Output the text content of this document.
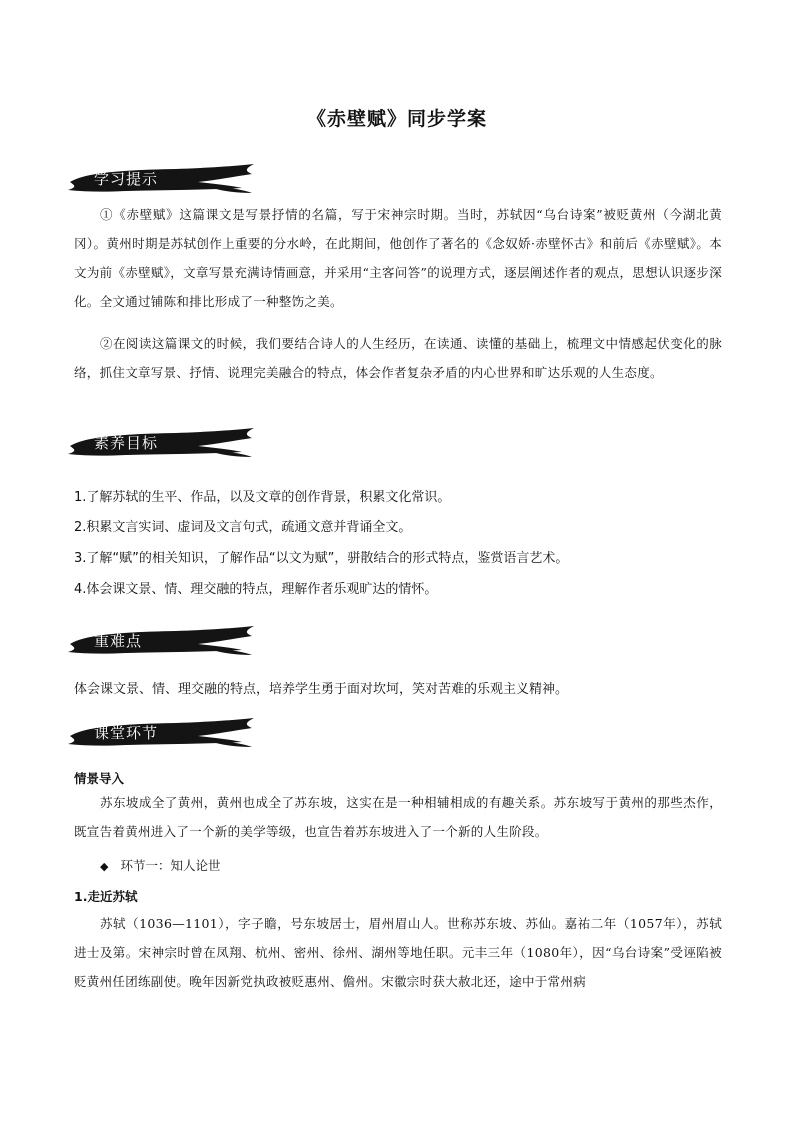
《赤壁赋》同步学案
学习提示
①《赤壁赋》这篇课文是写景抒情的名篇，写于宋神宗时期。当时，苏轼因“乌台诗案”被贬黄州（今湖北黄冈）。黄州时期是苏轼创作上重要的分水岭，在此期间，他创作了著名的《念奴娇·赤壁怀古》和前后《赤壁赋》。本文为前《赤壁赋》，文章写景充满诗情画意，并采用“主客问答”的说理方式，逐层阐述作者的观点，思想认识逐步深化。全文通过铺陈和排比形成了一种整饬之美。
②在阅读这篇课文的时候，我们要结合诗人的人生经历，在读通、读懂的基础上，梳理文中情感起伏变化的脉络，抓住文章写景、抒情、说理完美融合的特点，体会作者复杂矛盾的内心世界和旷达乐观的人生态度。
素养目标
1.了解苏轼的生平、作品，以及文章的创作背景，积累文化常识。
2.积累文言实词、虚词及文言句式，疏通文意并背诵全文。
3.了解“赋”的相关知识，了解作品“以文为赋”，骈散结合的形式特点，鉴赏语言艺术。
4.体会课文景、情、理交融的特点，理解作者乐观旷达的情怀。
重难点
体会课文景、情、理交融的特点，培养学生勇于面对坎坷，笑对苦难的乐观主义精神。
课堂环节
情景导入
苏东坡成全了黄州，黄州也成全了苏东坡，这实在是一种相辅相成的有趣关系。苏东坡写于黄州的那些杰作，既宣告着黄州进入了一个新的美学等级，也宣告着苏东坡进入了一个新的人生阶段。
◆ 环节一：知人论世
1.走近苏轼
苏轼（1036—1101），字子瞻，号东坡居士，眉州眉山人。世称苏东坡、苏仙。嘉祐二年（1057年），苏轼进士及第。宋神宗时曾在凤翔、杭州、密州、徐州、湖州等地任职。元丰三年（1080年），因“乌台诗案”受诬陷被贬黄州任团练副使。晚年因新党执政被贬惠州、儋州。宋徽宗时获大赦北还，途中于常州病
